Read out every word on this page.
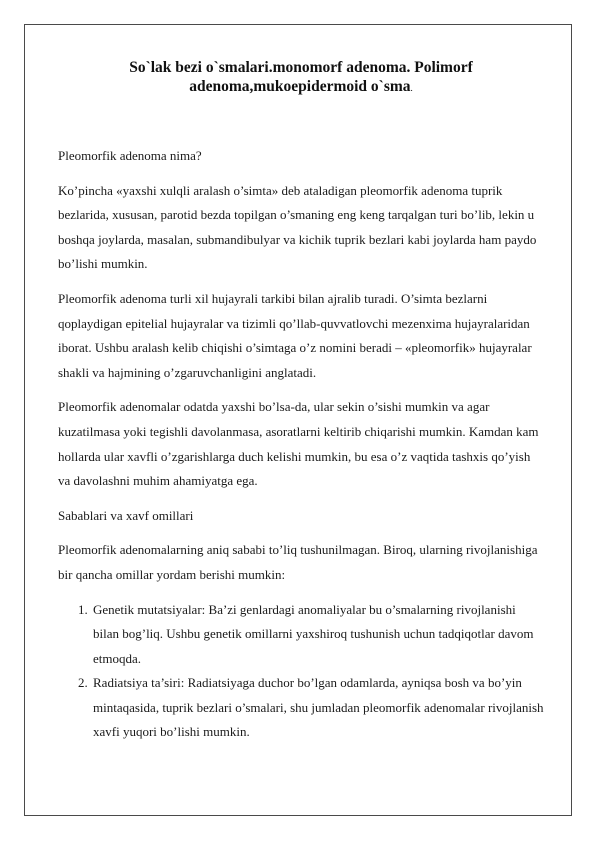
So`lak bezi o`smalari.monomorf adenoma. Polimorf adenoma,mukoepidermoid o`sma.

Pleomorfik adenoma nima?

Ko’pincha «yaxshi xulqli aralash o’simta» deb ataladigan pleomorfik adenoma tuprik bezlarida, xususan, parotid bezda topilgan o’smaning eng keng tarqalgan turi bo’lib, lekin u boshqa joylarda, masalan, submandibulyar va kichik tuprik bezlari kabi joylarda ham paydo bo’lishi mumkin.

Pleomorfik adenoma turli xil hujayrali tarkibi bilan ajralib turadi. O’simta bezlarni qoplaydigan epitelial hujayralar va tizimli qo’llab-quvvatlovchi mezenxima hujayralaridan iborat. Ushbu aralash kelib chiqishi o’simtaga o’z nomini beradi – «pleomorfik» hujayralar shakli va hajmining o’zgaruvchanligini anglatadi.

Pleomorfik adenomalar odatda yaxshi bo’lsa-da, ular sekin o’sishi mumkin va agar kuzatilmasa yoki tegishli davolanmasa, asoratlarni keltirib chiqarishi mumkin. Kamdan kam hollarda ular xavfli o’zgarishlarga duch kelishi mumkin, bu esa o’z vaqtida tashxis qo’yish va davolashni muhim ahamiyatga ega.

Sabablari va xavf omillari

Pleomorfik adenomalarning aniq sababi to’liq tushunilmagan. Biroq, ularning rivojlanishiga bir qancha omillar yordam berishi mumkin:

1. Genetik mutatsiyalar: Ba’zi genlardagi anomaliyalar bu o’smalarning rivojlanishi bilan bog’liq. Ushbu genetik omillarni yaxshiroq tushunish uchun tadqiqotlar davom etmoqda.
2. Radiatsiya ta’siri: Radiatsiyaga duchor bo’lgan odamlarda, ayniqsa bosh va bo’yin mintaqasida, tuprik bezlari o’smalari, shu jumladan pleomorfik adenomalar rivojlanish xavfi yuqori bo’lishi mumkin.
